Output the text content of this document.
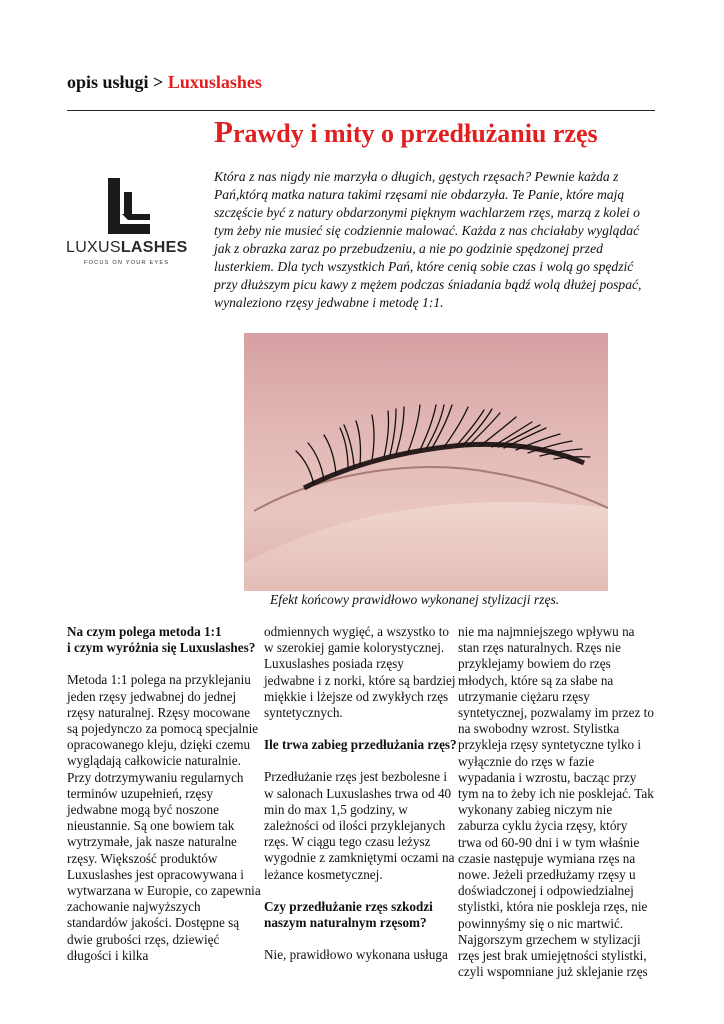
opis usługi > Luxuslashes
Prawdy i mity o przedłużaniu rzęs
LUXUSLASHES
FOCUS ON YOUR EYES
Która z nas nigdy nie marzyła o długich, gęstych rzęsach? Pewnie każda z Pań,którą matka natura takimi rzęsami nie obdarzyła. Te Panie, które mają szczęście być z natury obdarzonymi pięknym wachlarzem rzęs, marzą z kolei o tym żeby nie musieć się codziennie malować. Każda z nas chciałaby wyglądać jak z obrazka zaraz po przebudzeniu, a nie po godzinie spędzonej przed lusterkiem. Dla tych wszystkich Pań, które cenią sobie czas i wolą go spędzić przy dłuższym picu kawy z mężem podczas śniadania bądź wolą dłużej pospać, wynaleziono rzęsy jedwabne i metodę 1:1.
Efekt końcowy prawidłowo wykonanej stylizacji rzęs.

Na czym polega metoda 1:1

i czym wyróżnia się Luxuslashes?

Metoda 1:1 polega na przyklejaniu jeden rzęsy jedwabnej do jednej rzęsy naturalnej. Rzęsy mocowane są pojedynczo za pomocą specjalnie opracowanego kleju, dzięki czemu wyglądają całkowicie naturalnie. Przy dotrzymywaniu regularnych terminów uzupełnień, rzęsy jedwabne mogą być noszone nieustannie. Są one bowiem tak wytrzymałe, jak nasze naturalne rzęsy. Większość produktów Luxuslashes jest opracowywana i wytwarzana w Europie, co zapewnia zachowanie najwyższych standardów jakości. Dostępne są dwie grubości rzęs, dziewięć długości i kilka

odmiennych wygięć, a wszystko to w szerokiej gamie kolorystycznej. Luxuslashes posiada rzęsy

jedwabne i z norki, które są bardziej

miękkie i lżejsze od zwykłych rzęs syntetycznych.

Ile trwa zabieg przedłużania rzęs?

Przedłużanie rzęs jest bezbolesne i w salonach Luxuslashes trwa od 40 min do max 1,5 godziny, w zależności od ilości przyklejanych rzęs. W ciągu tego czasu leżysz wygodnie z zamkniętymi oczami na leżance kosmetycznej.

Czy przedłużanie rzęs szkodzi naszym naturalnym rzęsom?

Nie, prawidłowo wykonana usługa

nie ma najmniejszego wpływu na stan rzęs naturalnych. Rzęs nie przyklejamy bowiem do rzęs

młodych, które są za słabe na

utrzymanie ciężaru rzęsy syntetycznej, pozwalamy im przez to na swobodny wzrost. Stylistka przykleja rzęsy syntetyczne tylko i wyłącznie do rzęs w fazie wypadania i wzrostu, bacząc przy tym na to żeby ich nie posklejać. Tak wykonany zabieg niczym nie zaburza cyklu życia rzęsy, który trwa od 60-90 dni i w tym właśnie czasie następuje wymiana rzęs na nowe. Jeżeli przedłużamy rzęsy u doświadczonej i odpowiedzialnej stylistki, która nie poskleja rzęs, nie powinnyśmy się o nic martwić. Najgorszym grzechem w stylizacji rzęs jest brak umiejętności stylistki, czyli wspomniane już sklejanie rzęs
